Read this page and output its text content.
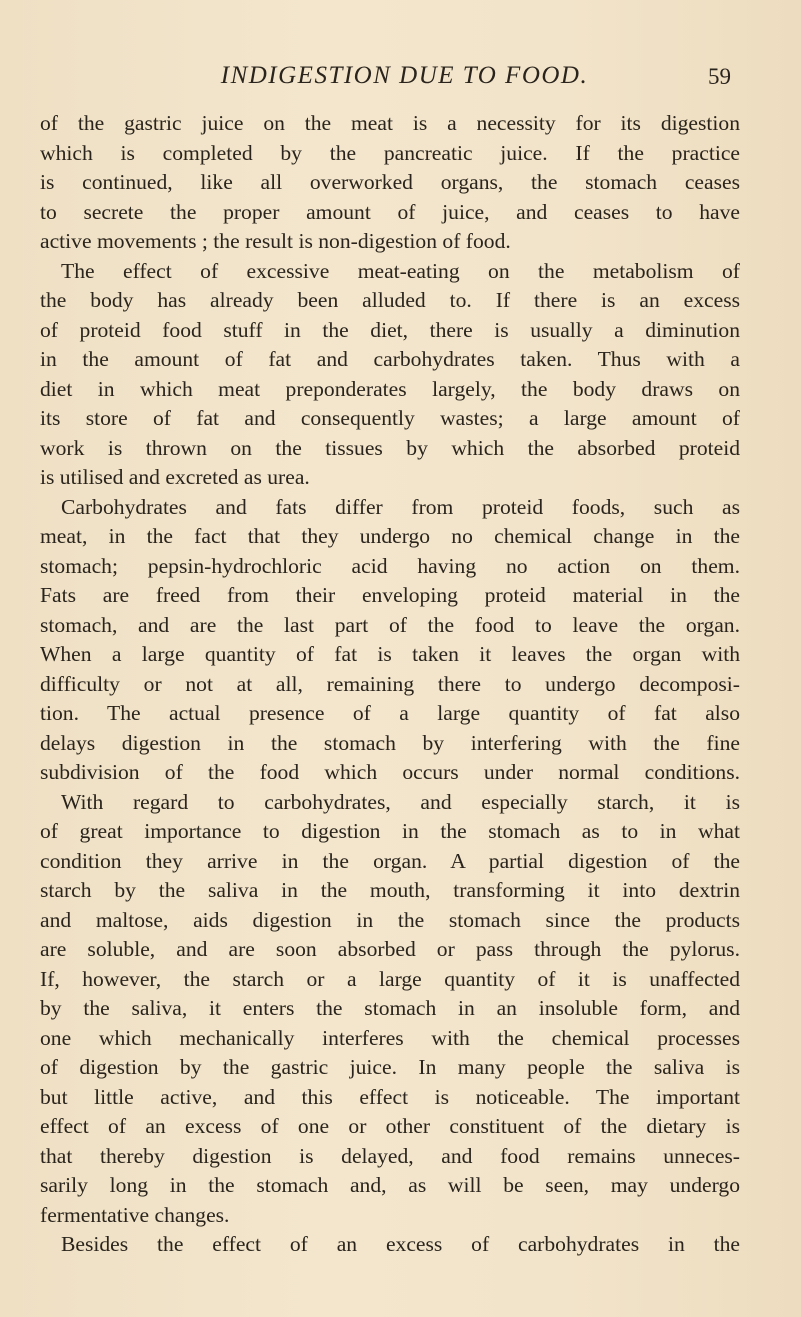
INDIGESTION DUE TO FOOD.	59
of the gastric juice on the meat is a necessity for its digestion
which is completed by the pancreatic juice. If the practice
is continued, like all overworked organs, the stomach ceases
to secrete the proper amount of juice, and ceases to have
active movements ; the result is non-digestion of food.
The effect of excessive meat-eating on the metabolism of
the body has already been alluded to. If there is an excess
of proteid food stuff in the diet, there is usually a diminution
in the amount of fat and carbohydrates taken. Thus with a
diet in which meat preponderates largely, the body draws on
its store of fat and consequently wastes; a large amount of
work is thrown on the tissues by which the absorbed proteid
is utilised and excreted as urea.
Carbohydrates and fats differ from proteid foods, such as
meat, in the fact that they undergo no chemical change in the
stomach; pepsin-hydrochloric acid having no action on them.
Fats are freed from their enveloping proteid material in the
stomach, and are the last part of the food to leave the organ.
When a large quantity of fat is taken it leaves the organ with
difficulty or not at all, remaining there to undergo decomposi-
tion. The actual presence of a large quantity of fat also
delays digestion in the stomach by interfering with the fine
subdivision of the food which occurs under normal conditions.
With regard to carbohydrates, and especially starch, it is
of great importance to digestion in the stomach as to in what
condition they arrive in the organ. A partial digestion of the
starch by the saliva in the mouth, transforming it into dextrin
and maltose, aids digestion in the stomach since the products
are soluble, and are soon absorbed or pass through the pylorus.
If, however, the starch or a large quantity of it is unaffected
by the saliva, it enters the stomach in an insoluble form, and
one which mechanically interferes with the chemical processes
of digestion by the gastric juice. In many people the saliva is
but little active, and this effect is noticeable. The important
effect of an excess of one or other constituent of the dietary is
that thereby digestion is delayed, and food remains unneces-
sarily long in the stomach and, as will be seen, may undergo
fermentative changes.
Besides the effect of an excess of carbohydrates in the
